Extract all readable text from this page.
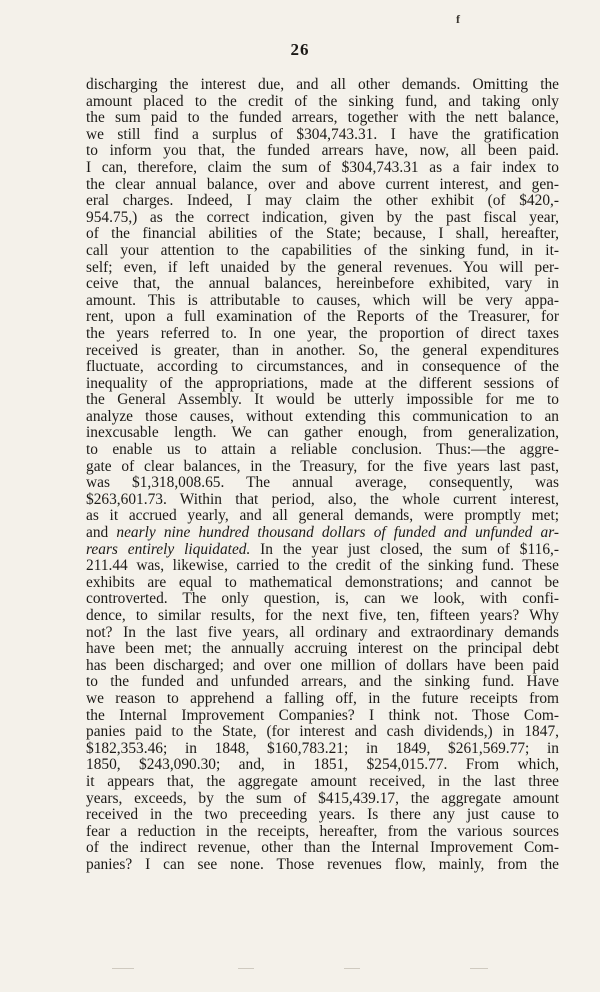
f
26
discharging the interest due, and all other demands. Omitting the
amount placed to the credit of the sinking fund, and taking only
the sum paid to the funded arrears, together with the nett balance,
we still find a surplus of $304,743.31. I have the gratification
to inform you that, the funded arrears have, now, all been paid.
I can, therefore, claim the sum of $304,743.31 as a fair index to
the clear annual balance, over and above current interest, and gen-
eral charges. Indeed, I may claim the other exhibit (of $420,-
954.75,) as the correct indication, given by the past fiscal year,
of the financial abilities of the State; because, I shall, hereafter,
call your attention to the capabilities of the sinking fund, in it-
self; even, if left unaided by the general revenues. You will per-
ceive that, the annual balances, hereinbefore exhibited, vary in
amount. This is attributable to causes, which will be very appa-
rent, upon a full examination of the Reports of the Treasurer, for
the years referred to. In one year, the proportion of direct taxes
received is greater, than in another. So, the general expenditures
fluctuate, according to circumstances, and in consequence of the
inequality of the appropriations, made at the different sessions of
the General Assembly. It would be utterly impossible for me to
analyze those causes, without extending this communication to an
inexcusable length. We can gather enough, from generalization,
to enable us to attain a reliable conclusion. Thus:—the aggre-
gate of clear balances, in the Treasury, for the five years last past,
was $1,318,008.65. The annual average, consequently, was
$263,601.73. Within that period, also, the whole current interest,
as it accrued yearly, and all general demands, were promptly met;
and nearly nine hundred thousand dollars of funded and unfunded ar-
rears entirely liquidated. In the year just closed, the sum of $116,-
211.44 was, likewise, carried to the credit of the sinking fund. These
exhibits are equal to mathematical demonstrations; and cannot be
controverted. The only question, is, can we look, with confi-
dence, to similar results, for the next five, ten, fifteen years? Why
not? In the last five years, all ordinary and extraordinary demands
have been met; the annually accruing interest on the principal debt
has been discharged; and over one million of dollars have been paid
to the funded and unfunded arrears, and the sinking fund. Have
we reason to apprehend a falling off, in the future receipts from
the Internal Improvement Companies? I think not. Those Com-
panies paid to the State, (for interest and cash dividends,) in 1847,
$182,353.46; in 1848, $160,783.21; in 1849, $261,569.77; in
1850, $243,090.30; and, in 1851, $254,015.77. From which,
it appears that, the aggregate amount received, in the last three
years, exceeds, by the sum of $415,439.17, the aggregate amount
received in the two preceeding years. Is there any just cause to
fear a reduction in the receipts, hereafter, from the various sources
of the indirect revenue, other than the Internal Improvement Com-
panies? I can see none. Those revenues flow, mainly, from the
